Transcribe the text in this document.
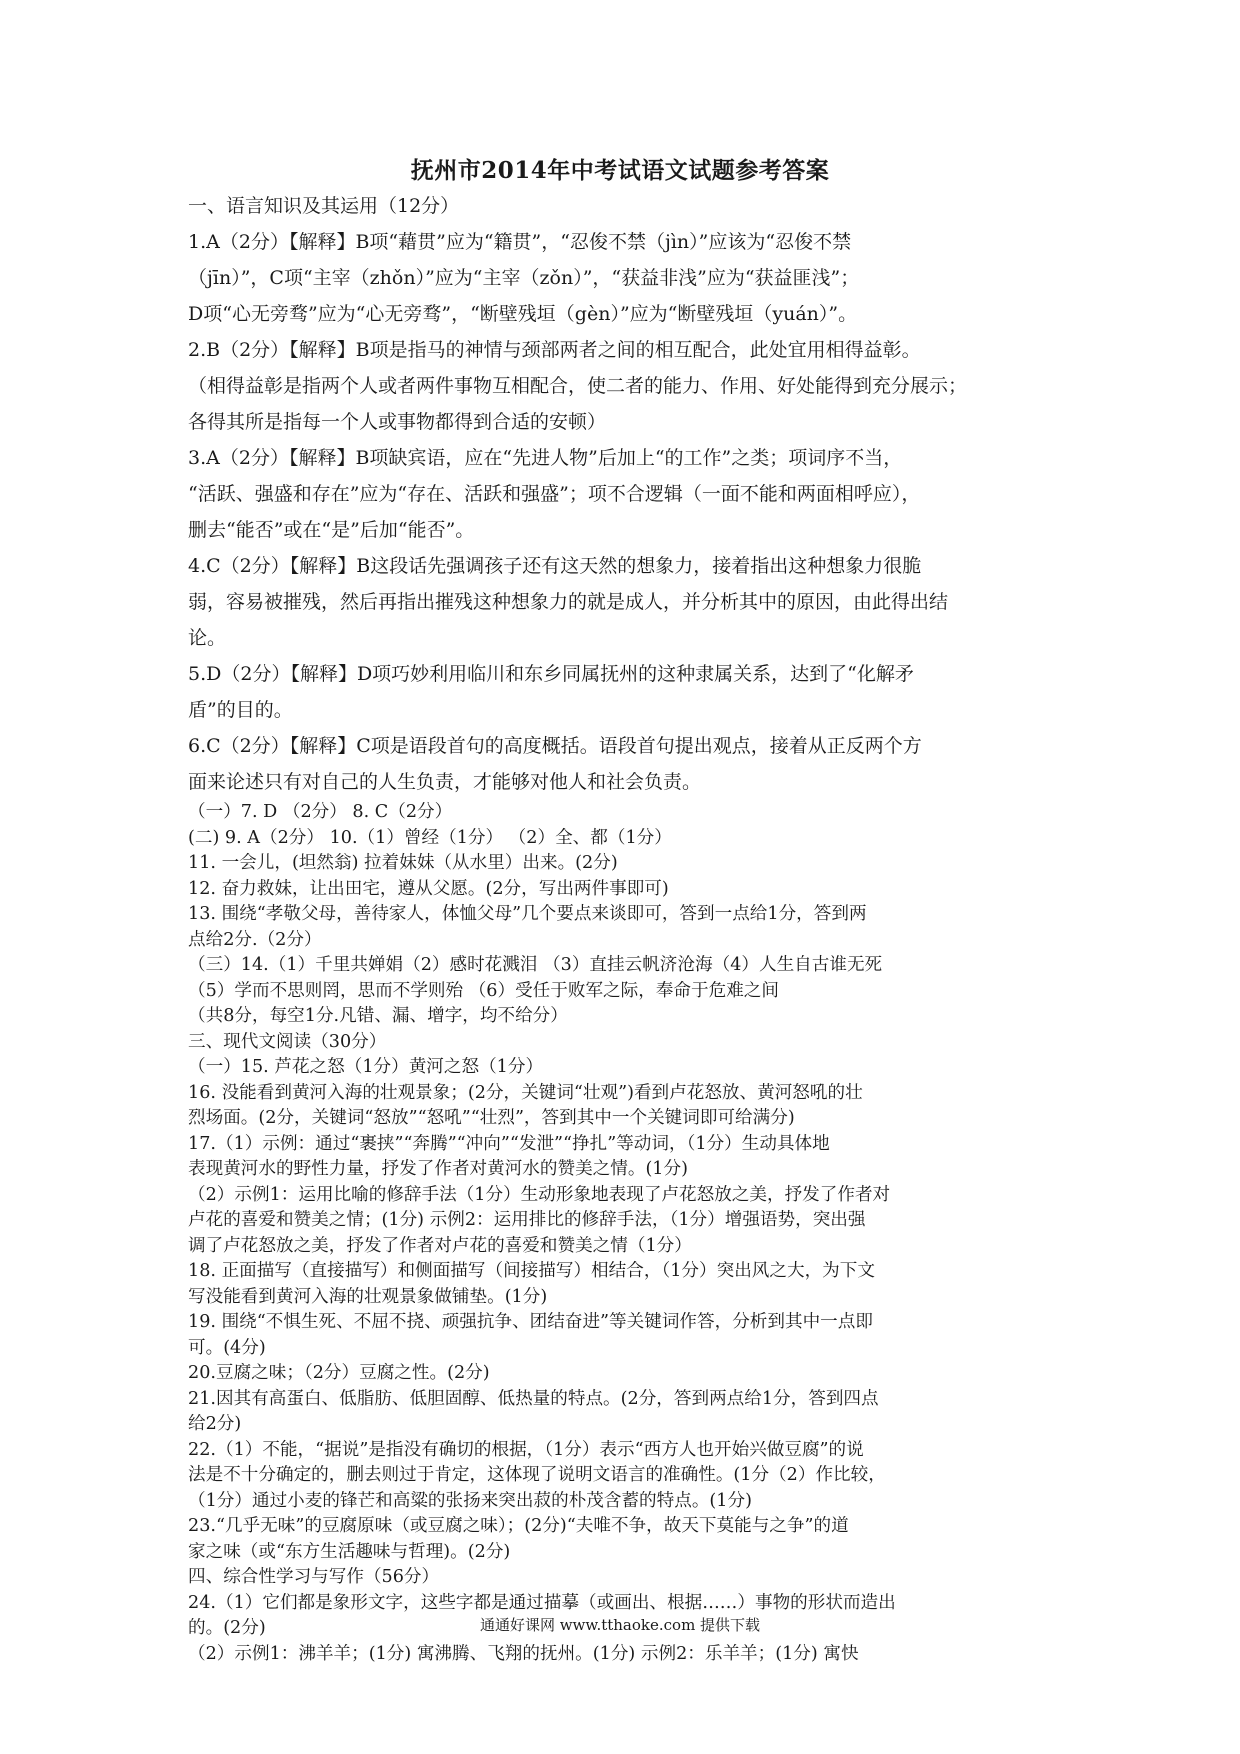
抚州市2014年中考试语文试题参考答案
一、语言知识及其运用（12分）
1.A（2分）【解释】B项“藉贯”应为“籍贯”，“忍俊不禁（jìn）”应该为“忍俊不禁
（jīn）”，C项“主宰（zhǒn）”应为“主宰（zǒn）”，“获益非浅”应为“获益匪浅”；
D项“心无旁骛”应为“心无旁骛”，“断壁残垣（gèn）”应为“断壁残垣（yuán）”。
2.B（2分）【解释】B项是指马的神情与颈部两者之间的相互配合，此处宜用相得益彰。
（相得益彰是指两个人或者两件事物互相配合，使二者的能力、作用、好处能得到充分展示；
各得其所是指每一个人或事物都得到合适的安顿）
3.A（2分）【解释】B项缺宾语，应在“先进人物”后加上“的工作”之类；项词序不当，
“活跃、强盛和存在”应为“存在、活跃和强盛”；项不合逻辑（一面不能和两面相呼应），
删去“能否”或在“是”后加“能否”。
4.C（2分）【解释】B这段话先强调孩子还有这天然的想象力，接着指出这种想象力很脆
弱，容易被摧残，然后再指出摧残这种想象力的就是成人，并分析其中的原因，由此得出结
论。
5.D（2分）【解释】D项巧妙利用临川和东乡同属抚州的这种隶属关系，达到了“化解矛
盾”的目的。
6.C（2分）【解释】C项是语段首句的高度概括。语段首句提出观点，接着从正反两个方
面来论述只有对自己的人生负责，才能够对他人和社会负责。
（一）7. D （2分） 8. C（2分）
(二) 9. A（2分） 10.（1）曾经（1分） （2）全、都（1分）
11. 一会儿，(坦然翁) 拉着妹妹（从水里）出来。(2分)
12. 奋力救妹，让出田宅，遵从父愿。(2分，写出两件事即可)
13. 围绕“孝敬父母，善待家人，体恤父母”几个要点来谈即可，答到一点给1分，答到两
点给2分.（2分）
（三）14.（1）千里共婵娟（2）感时花溅泪 （3）直挂云帆济沧海（4）人生自古谁无死
（5）学而不思则罔，思而不学则殆 （6）受任于败军之际，奉命于危难之间
（共8分，每空1分.凡错、漏、增字，均不给分）
三、现代文阅读（30分）
（一）15. 芦花之怒（1分）黄河之怒（1分）
16. 没能看到黄河入海的壮观景象；(2分，关键词“壮观”)看到卢花怒放、黄河怒吼的壮
烈场面。(2分，关键词“怒放”“怒吼”“壮烈”，答到其中一个关键词即可给满分)
17.（1）示例：通过“裹挟”“奔腾”“冲向”“发泄”“挣扎”等动词，（1分）生动具体地
表现黄河水的野性力量，抒发了作者对黄河水的赞美之情。(1分)
（2）示例1：运用比喻的修辞手法（1分）生动形象地表现了卢花怒放之美，抒发了作者对
卢花的喜爱和赞美之情；(1分) 示例2：运用排比的修辞手法，（1分）增强语势，突出强
调了卢花怒放之美，抒发了作者对卢花的喜爱和赞美之情（1分）
18. 正面描写（直接描写）和侧面描写（间接描写）相结合，（1分）突出风之大，为下文
写没能看到黄河入海的壮观景象做铺垫。(1分)
19. 围绕“不惧生死、不屈不挠、顽强抗争、团结奋进”等关键词作答，分析到其中一点即
可。(4分)
20.豆腐之味；（2分）豆腐之性。(2分)
21.因其有高蛋白、低脂肪、低胆固醇、低热量的特点。(2分，答到两点给1分，答到四点
给2分)
22.（1）不能，“据说”是指没有确切的根据，（1分）表示“西方人也开始兴做豆腐”的说
法是不十分确定的，删去则过于肯定，这体现了说明文语言的准确性。(1分（2）作比较，
（1分）通过小麦的锋芒和高粱的张扬来突出菽的朴茂含蓄的特点。(1分)
23.“几乎无味”的豆腐原味（或豆腐之味）；(2分)“夫唯不争，故天下莫能与之争”的道
家之味（或“东方生活趣味与哲理)。(2分)
四、综合性学习与写作（56分）
24.（1）它们都是象形文字，这些字都是通过描摹（或画出、根据……）事物的形状而造出
的。(2分)
（2）示例1：沸羊羊；(1分) 寓沸腾、飞翔的抚州。(1分) 示例2：乐羊羊；(1分) 寓快
通通好课网 www.tthaoke.com 提供下载
